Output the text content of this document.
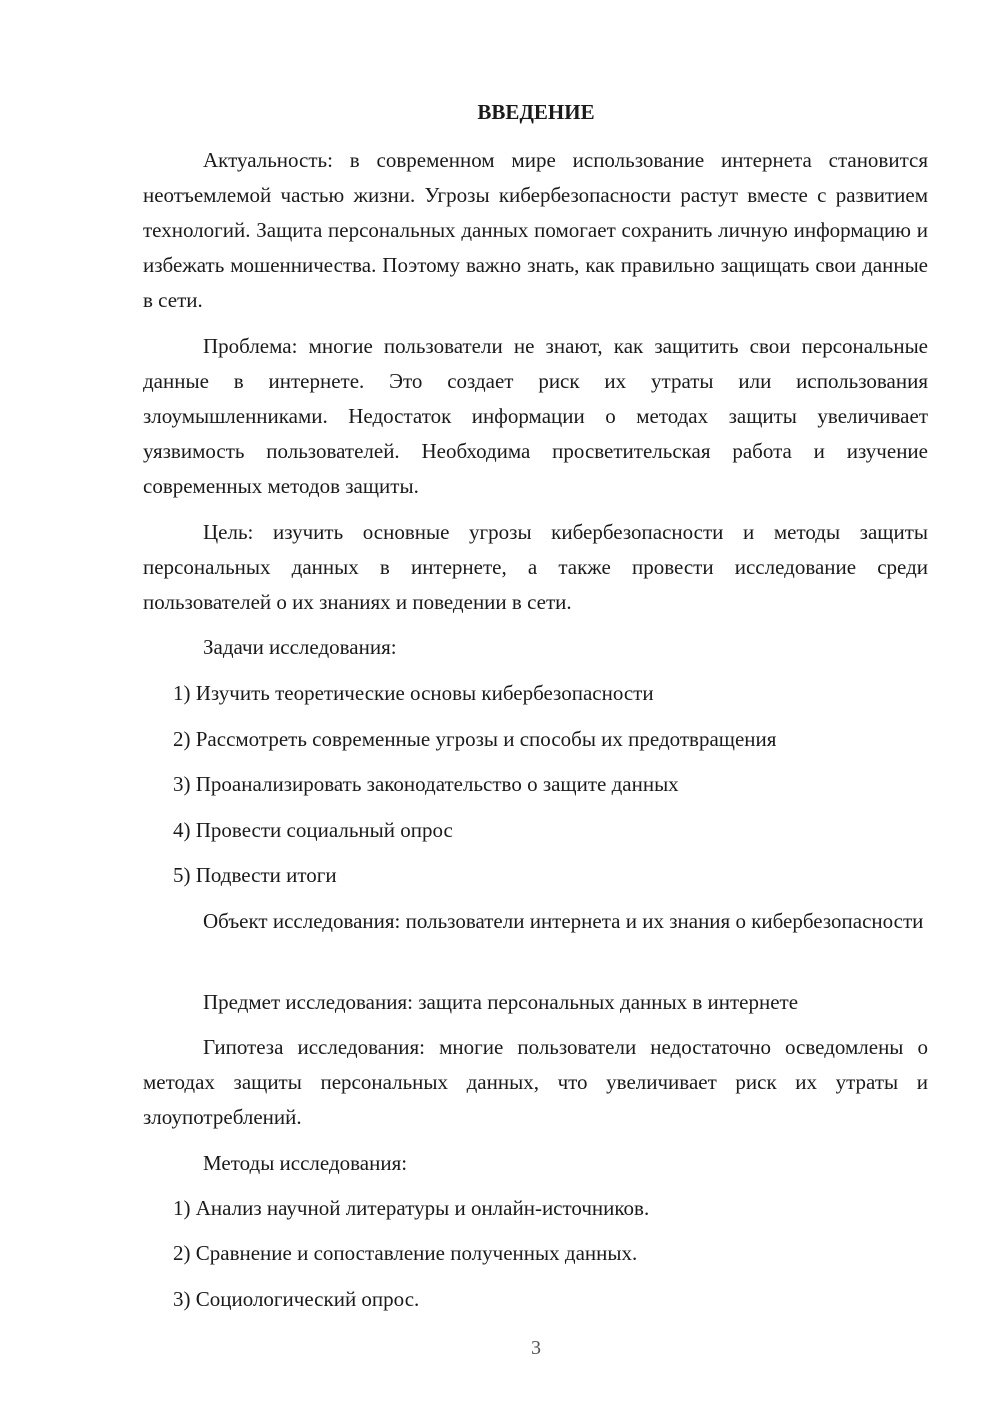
ВВЕДЕНИЕ

Актуальность: в современном мире использование интернета становится неотъемлемой частью жизни. Угрозы кибербезопасности растут вместе с развитием технологий. Защита персональных данных помогает сохранить личную информацию и избежать мошенничества. Поэтому важно знать, как правильно защищать свои данные в сети.

Проблема: многие пользователи не знают, как защитить свои персональные данные в интернете. Это создает риск их утраты или использования злоумышленниками. Недостаток информации о методах защиты увеличивает уязвимость пользователей. Необходима просветительская работа и изучение современных методов защиты.

Цель: изучить основные угрозы кибербезопасности и методы защиты персональных данных в интернете, а также провести исследование среди пользователей о их знаниях и поведении в сети.

Задачи исследования:

1) Изучить теоретические основы кибербезопасности

2) Рассмотреть современные угрозы и способы их предотвращения

3) Проанализировать законодательство о защите данных

4) Провести социальный опрос

5) Подвести итоги

Объект исследования: пользователи интернета и их знания о кибербезопасности

Предмет исследования: защита персональных данных в интернете

Гипотеза исследования: многие пользователи недостаточно осведомлены о методах защиты персональных данных, что увеличивает риск их утраты и злоупотреблений.

Методы исследования:

1) Анализ научной литературы и онлайн-источников.

2) Сравнение и сопоставление полученных данных.

3) Социологический опрос.

3
